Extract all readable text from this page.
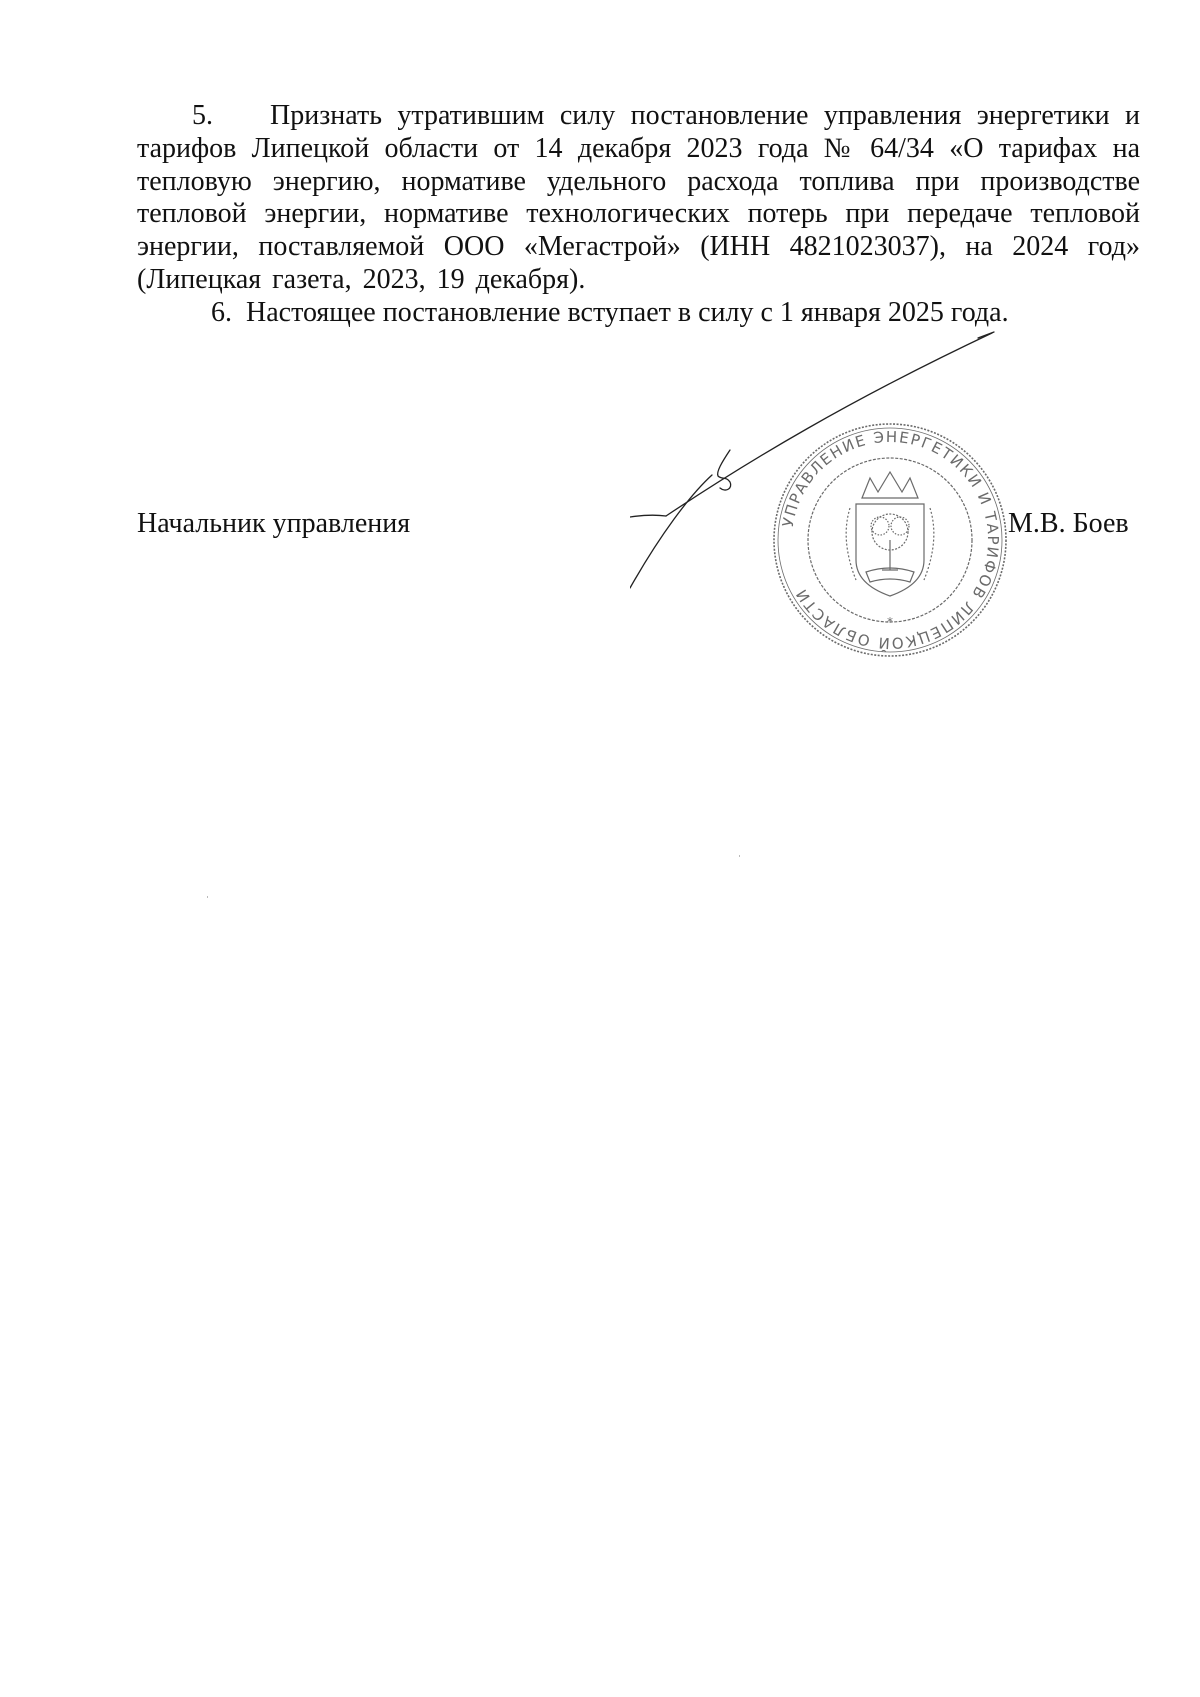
5. Признать утратившим силу постановление управления энергетики и тарифов Липецкой области от 14 декабря 2023 года № 64/34 «О тарифах на тепловую энергию, нормативе удельного расхода топлива при производстве тепловой энергии, нормативе технологических потерь при передаче тепловой энергии, поставляемой ООО «Мегастрой» (ИНН 4821023037), на 2024 год» (Липецкая газета, 2023, 19 декабря).

6. Настоящее постановление вступает в силу с 1 января 2025 года.

Начальник управления	УПРАВЛЕНИЕ ЭНЕРГЕТИКИ И ТАРИФОВ ЛИПЕЦКОЙ ОБЛАСТИ
*
М.В. Боев
